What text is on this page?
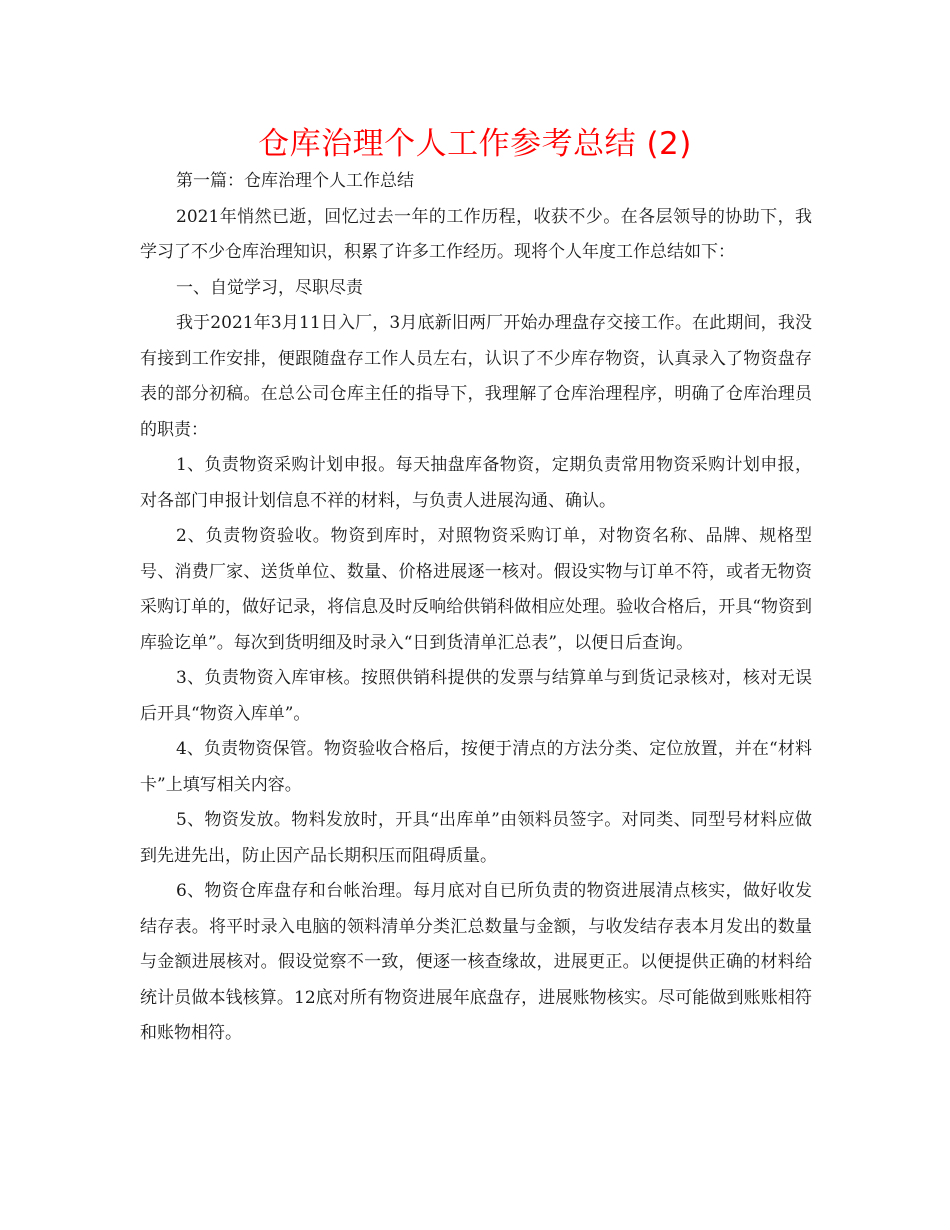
仓库治理个人工作参考总结 (2)

第一篇：仓库治理个人工作总结

2021年悄然已逝，回忆过去一年的工作历程，收获不少。在各层领导的协助下，我学习了不少仓库治理知识，积累了许多工作经历。现将个人年度工作总结如下：

一、自觉学习，尽职尽责

我于2021年3月11日入厂，3月底新旧两厂开始办理盘存交接工作。在此期间，我没有接到工作安排，便跟随盘存工作人员左右，认识了不少库存物资，认真录入了物资盘存表的部分初稿。在总公司仓库主任的指导下，我理解了仓库治理程序，明确了仓库治理员的职责：

1、负责物资采购计划申报。每天抽盘库备物资，定期负责常用物资采购计划申报，对各部门申报计划信息不祥的材料，与负责人进展沟通、确认。

2、负责物资验收。物资到库时，对照物资采购订单，对物资名称、品牌、规格型号、消费厂家、送货单位、数量、价格进展逐一核对。假设实物与订单不符，或者无物资采购订单的，做好记录，将信息及时反响给供销科做相应处理。验收合格后，开具“物资到库验讫单”。每次到货明细及时录入“日到货清单汇总表”，以便日后查询。

3、负责物资入库审核。按照供销科提供的发票与结算单与到货记录核对，核对无误后开具“物资入库单”。

4、负责物资保管。物资验收合格后，按便于清点的方法分类、定位放置，并在“材料卡”上填写相关内容。

5、物资发放。物料发放时，开具“出库单”由领料员签字。对同类、同型号材料应做到先进先出，防止因产品长期积压而阻碍质量。

6、物资仓库盘存和台帐治理。每月底对自已所负责的物资进展清点核实，做好收发结存表。将平时录入电脑的领料清单分类汇总数量与金额，与收发结存表本月发出的数量与金额进展核对。假设觉察不一致，便逐一核查缘故，进展更正。以便提供正确的材料给统计员做本钱核算。12底对所有物资进展年底盘存，进展账物核实。尽可能做到账账相符和账物相符。
